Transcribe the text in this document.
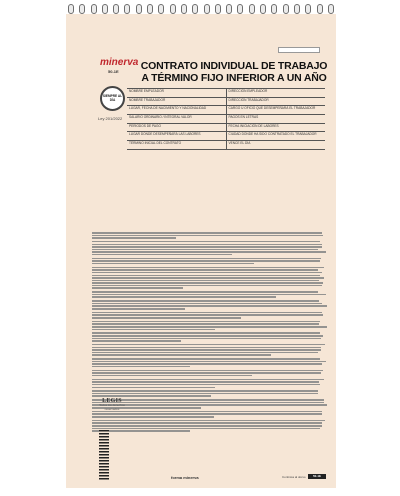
minerva
50-1E
SIEMPRE AL DÍA
Ley 201/2022
CONTRATO INDIVIDUAL DE TRABAJO
A TÉRMINO FIJO INFERIOR A UN AÑO
NOMBRE EMPLEADOR	DIRECCIÓN EMPLEADOR
NOMBRE TRABAJADOR	DIRECCIÓN TRABAJADOR
LUGAR, FECHA DE NACIMIENTO Y NACIONALIDAD	CARGO U OFICIO QUE DESEMPEÑARÁ EL TRABAJADOR
SALARIO ORDINARIO / INTEGRAL VALOR	PAGOS EN LETRAS
PERÍODOS DE PAGO	FECHA INICIACIÓN DE LABORES
LUGAR DONDE DESEMPEÑARÁ LAS LABORES	CIUDAD DONDE HA SIDO CONTRATADO EL TRABAJADOR
TÉRMINO INICIAL DEL CONTRATO	VENCE EL DÍA
LEGIS
Todos los derechos reservados
forma minerva	Continúa al dorso	50-1E
